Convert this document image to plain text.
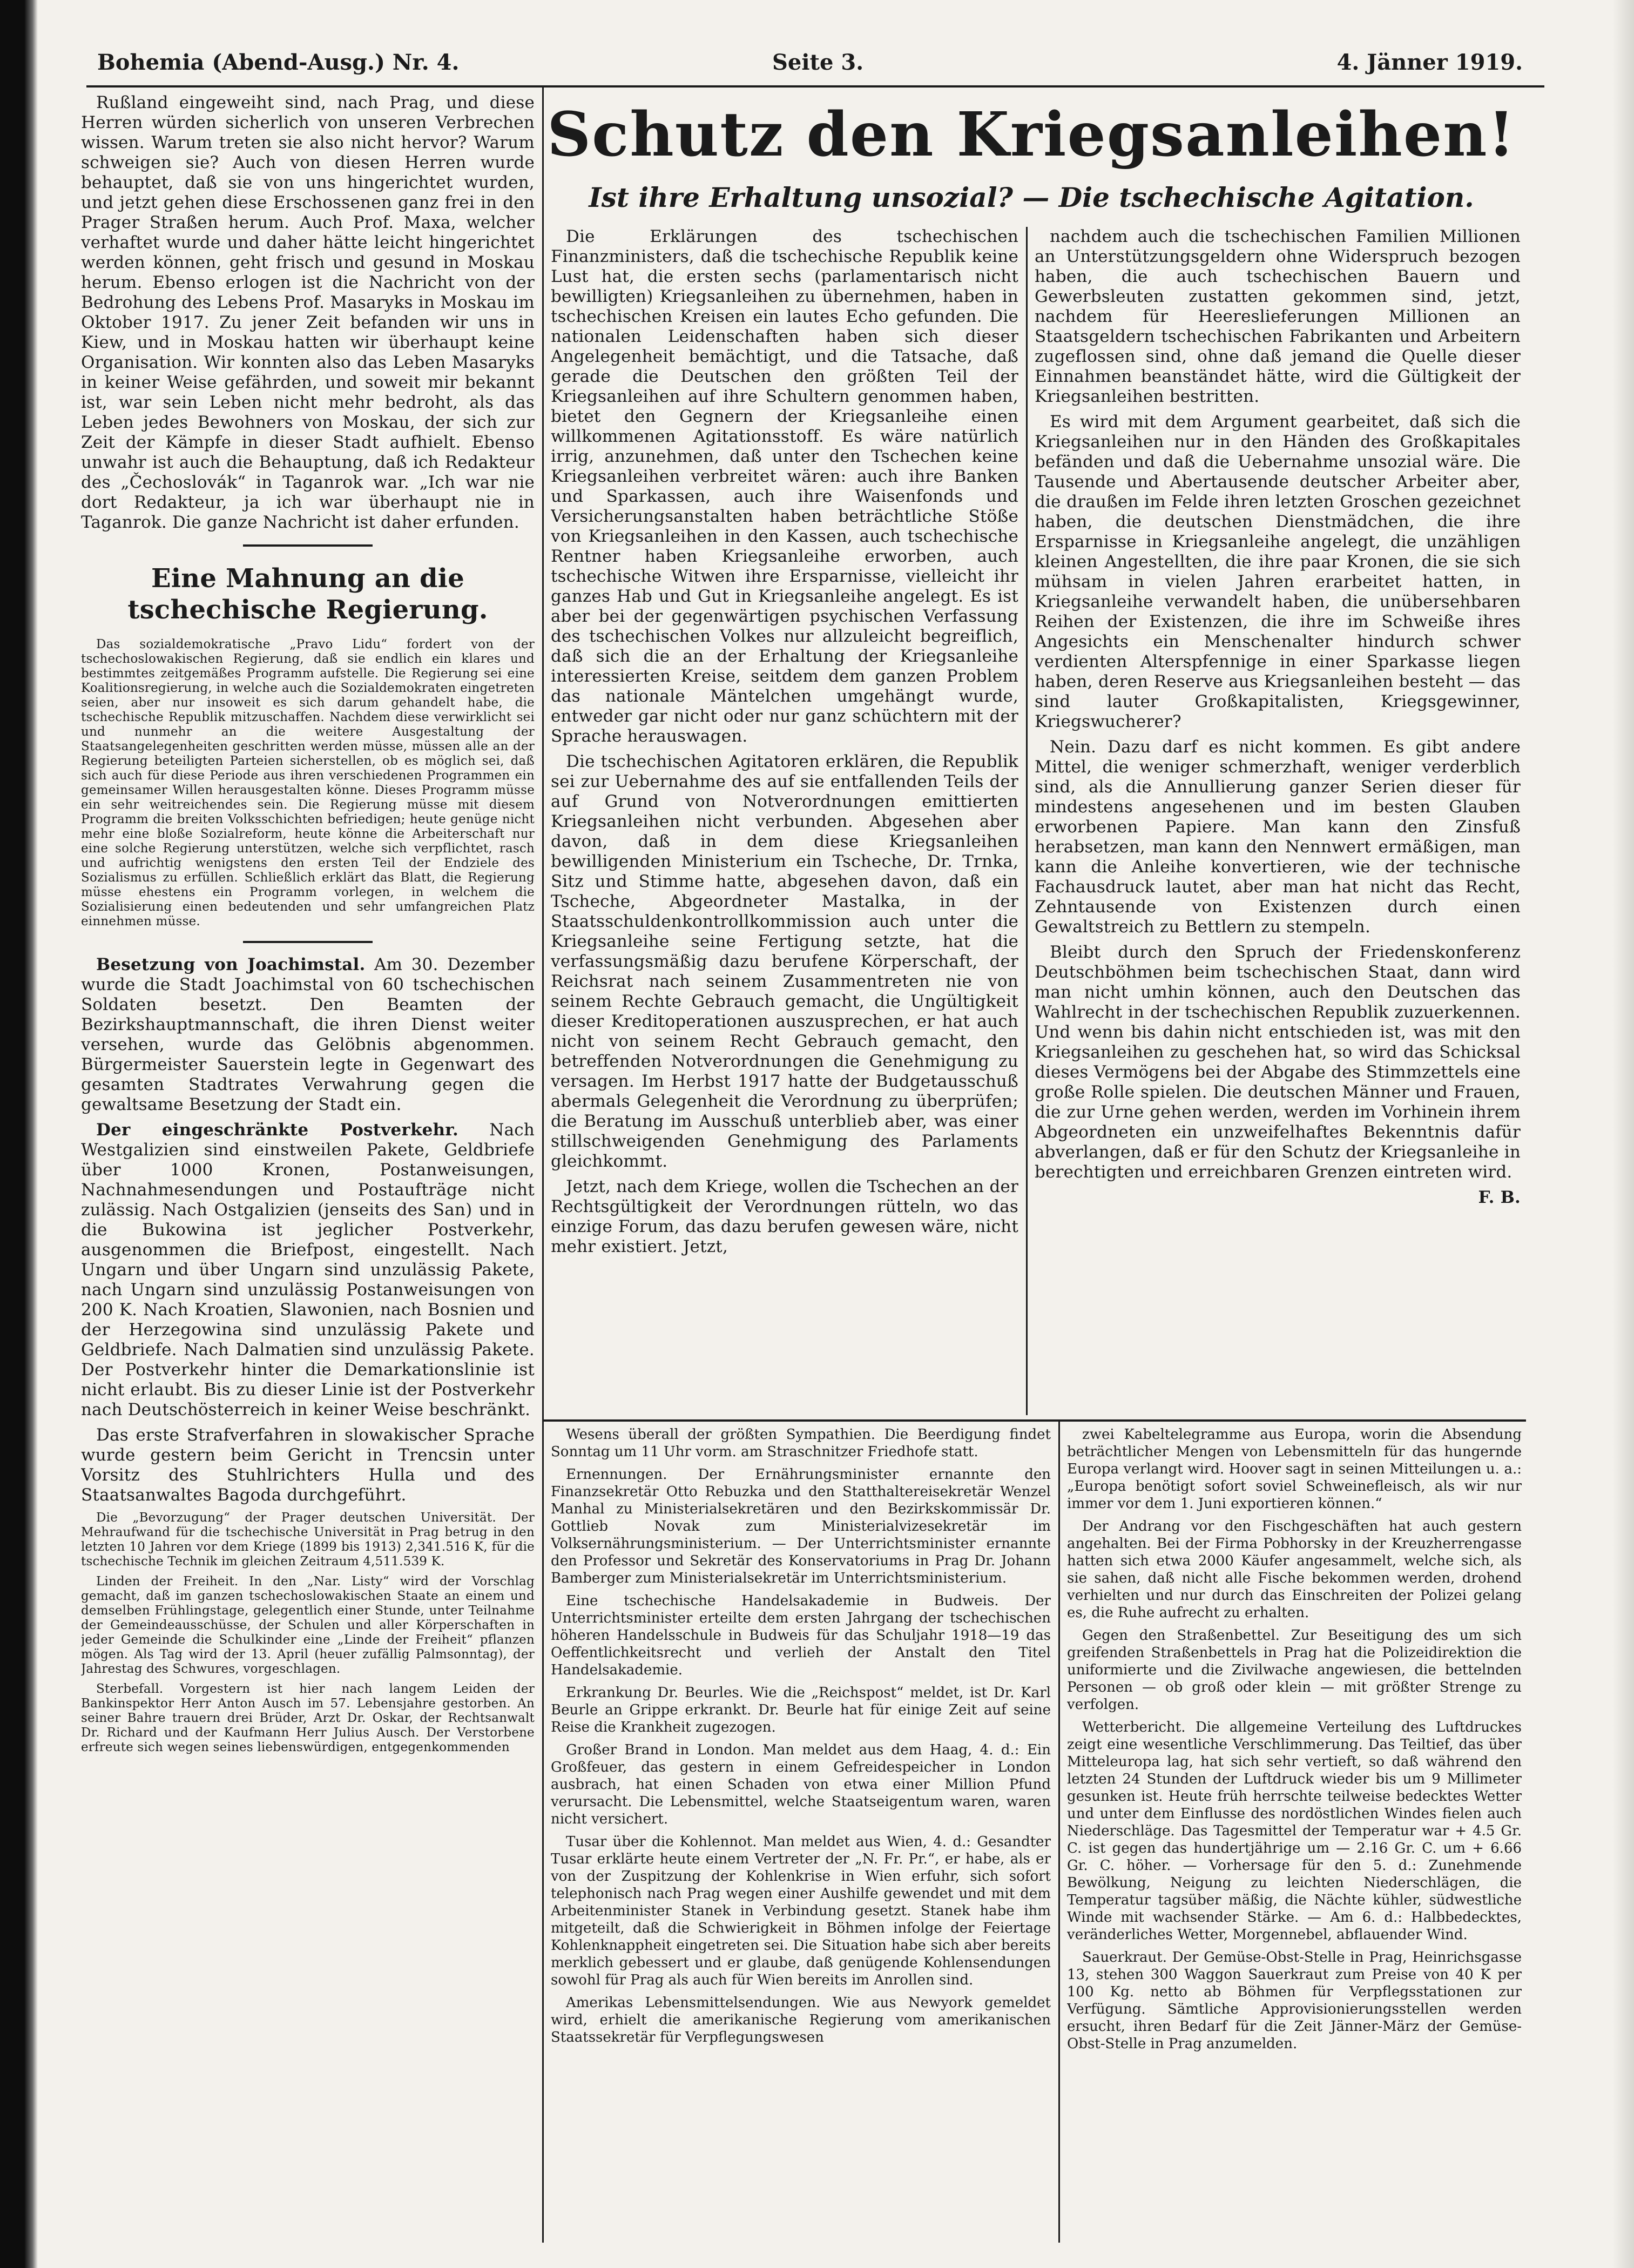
Bohemia (Abend-Ausg.) Nr. 4.	Seite 3.	4. Jänner 1919.

Rußland eingeweiht sind, nach Prag, und diese Herren würden sicherlich von unseren Verbrechen wissen. Warum treten sie also nicht hervor? Warum schweigen sie? Auch von diesen Herren wurde behauptet, daß sie von uns hingerichtet wurden, und jetzt gehen diese Erschossenen ganz frei in den Prager Straßen herum. Auch Prof. Maxa, welcher verhaftet wurde und daher hätte leicht hingerichtet werden können, geht frisch und gesund in Moskau herum. Ebenso erlogen ist die Nachricht von der Bedrohung des Lebens Prof. Masaryks in Moskau im Oktober 1917. Zu jener Zeit befanden wir uns in Kiew, und in Moskau hatten wir überhaupt keine Organisation. Wir konnten also das Leben Masaryks in keiner Weise gefährden, und soweit mir bekannt ist, war sein Leben nicht mehr bedroht, als das Leben jedes Bewohners von Moskau, der sich zur Zeit der Kämpfe in dieser Stadt aufhielt. Ebenso unwahr ist auch die Behauptung, daß ich Redakteur des „Čechoslovák“ in Taganrok war. „Ich war nie dort Redakteur, ja ich war überhaupt nie in Taganrok. Die ganze Nachricht ist daher erfunden.

Eine Mahnung an die tschechische Regierung.

Das sozialdemokratische „Pravo Lidu“ fordert von der tschechoslowakischen Regierung, daß sie endlich ein klares und bestimmtes zeitgemäßes Programm aufstelle. Die Regierung sei eine Koalitionsregierung, in welche auch die Sozialdemokraten eingetreten seien, aber nur insoweit es sich darum gehandelt habe, die tschechische Republik mitzuschaffen. Nachdem diese verwirklicht sei und nunmehr an die weitere Ausgestaltung der Staatsangelegenheiten geschritten werden müsse, müssen alle an der Regierung beteiligten Parteien sicherstellen, ob es möglich sei, daß sich auch für diese Periode aus ihren verschiedenen Programmen ein gemeinsamer Willen herausgestalten könne. Dieses Programm müsse ein sehr weitreichendes sein. Die Regierung müsse mit diesem Programm die breiten Volksschichten befriedigen; heute genüge nicht mehr eine bloße Sozialreform, heute könne die Arbeiterschaft nur eine solche Regierung unterstützen, welche sich verpflichtet, rasch und aufrichtig wenigstens den ersten Teil der Endziele des Sozialismus zu erfüllen. Schließlich erklärt das Blatt, die Regierung müsse ehestens ein Programm vorlegen, in welchem die Sozialisierung einen bedeutenden und sehr umfangreichen Platz einnehmen müsse.

Besetzung von Joachimstal. Am 30. Dezember wurde die Stadt Joachimstal von 60 tschechischen Soldaten besetzt. Den Beamten der Bezirkshauptmannschaft, die ihren Dienst weiter versehen, wurde das Gelöbnis abgenommen. Bürgermeister Sauerstein legte in Gegenwart des gesamten Stadtrates Verwahrung gegen die gewaltsame Besetzung der Stadt ein.

Der eingeschränkte Postverkehr. Nach Westgalizien sind einstweilen Pakete, Geldbriefe über 1000 Kronen, Postanweisungen, Nachnahmesendungen und Postaufträge nicht zulässig. Nach Ostgalizien (jenseits des San) und in die Bukowina ist jeglicher Postverkehr, ausgenommen die Briefpost, eingestellt. Nach Ungarn und über Ungarn sind unzulässig Pakete, nach Ungarn sind unzulässig Postanweisungen von 200 K. Nach Kroatien, Slawonien, nach Bosnien und der Herzegowina sind unzulässig Pakete und Geldbriefe. Nach Dalmatien sind unzulässig Pakete. Der Postverkehr hinter die Demarkationslinie ist nicht erlaubt. Bis zu dieser Linie ist der Postverkehr nach Deutschösterreich in keiner Weise beschränkt.

Das erste Strafverfahren in slowakischer Sprache wurde gestern beim Gericht in Trencsin unter Vorsitz des Stuhlrichters Hulla und des Staatsanwaltes Bagoda durchgeführt.

Die „Bevorzugung“ der Prager deutschen Universität. Der Mehraufwand für die tschechische Universität in Prag betrug in den letzten 10 Jahren vor dem Kriege (1899 bis 1913) 2,341.516 K, für die tschechische Technik im gleichen Zeitraum 4,511.539 K.

Linden der Freiheit. In den „Nar. Listy“ wird der Vorschlag gemacht, daß im ganzen tschechoslowakischen Staate an einem und demselben Frühlingstage, gelegentlich einer Stunde, unter Teilnahme der Gemeindeausschüsse, der Schulen und aller Körperschaften in jeder Gemeinde die Schulkinder eine „Linde der Freiheit“ pflanzen mögen. Als Tag wird der 13. April (heuer zufällig Palmsonntag), der Jahrestag des Schwures, vorgeschlagen.

Sterbefall. Vorgestern ist hier nach langem Leiden der Bankinspektor Herr Anton Ausch im 57. Lebensjahre gestorben. An seiner Bahre trauern drei Brüder, Arzt Dr. Oskar, der Rechtsanwalt Dr. Richard und der Kaufmann Herr Julius Ausch. Der Verstorbene erfreute sich wegen seines liebenswürdigen, entgegenkommenden

Schutz den Kriegsanleihen!
Ist ihre Erhaltung unsozial? — Die tschechische Agitation.

Die Erklärungen des tschechischen Finanzministers, daß die tschechische Republik keine Lust hat, die ersten sechs (parlamentarisch nicht bewilligten) Kriegsanleihen zu übernehmen, haben in tschechischen Kreisen ein lautes Echo gefunden. Die nationalen Leidenschaften haben sich dieser Angelegenheit bemächtigt, und die Tatsache, daß gerade die Deutschen den größten Teil der Kriegsanleihen auf ihre Schultern genommen haben, bietet den Gegnern der Kriegsanleihe einen willkommenen Agitationsstoff. Es wäre natürlich irrig, anzunehmen, daß unter den Tschechen keine Kriegsanleihen verbreitet wären: auch ihre Banken und Sparkassen, auch ihre Waisenfonds und Versicherungsanstalten haben beträchtliche Stöße von Kriegsanleihen in den Kassen, auch tschechische Rentner haben Kriegsanleihe erworben, auch tschechische Witwen ihre Ersparnisse, vielleicht ihr ganzes Hab und Gut in Kriegsanleihe angelegt. Es ist aber bei der gegenwärtigen psychischen Verfassung des tschechischen Volkes nur allzuleicht begreiflich, daß sich die an der Erhaltung der Kriegsanleihe interessierten Kreise, seitdem dem ganzen Problem das nationale Mäntelchen umgehängt wurde, entweder gar nicht oder nur ganz schüchtern mit der Sprache herauswagen.

Die tschechischen Agitatoren erklären, die Republik sei zur Uebernahme des auf sie entfallenden Teils der auf Grund von Notverordnungen emittierten Kriegsanleihen nicht verbunden. Abgesehen aber davon, daß in dem diese Kriegsanleihen bewilligenden Ministerium ein Tscheche, Dr. Trnka, Sitz und Stimme hatte, abgesehen davon, daß ein Tscheche, Abgeordneter Mastalka, in der Staatsschuldenkontrollkommission auch unter die Kriegsanleihe seine Fertigung setzte, hat die verfassungsmäßig dazu berufene Körperschaft, der Reichsrat nach seinem Zusammentreten nie von seinem Rechte Gebrauch gemacht, die Ungültigkeit dieser Kreditoperationen auszusprechen, er hat auch nicht von seinem Recht Gebrauch gemacht, den betreffenden Notverordnungen die Genehmigung zu versagen. Im Herbst 1917 hatte der Budgetausschuß abermals Gelegenheit die Verordnung zu überprüfen; die Beratung im Ausschuß unterblieb aber, was einer stillschweigenden Genehmigung des Parlaments gleichkommt.

Jetzt, nach dem Kriege, wollen die Tschechen an der Rechtsgültigkeit der Verordnungen rütteln, wo das einzige Forum, das dazu berufen gewesen wäre, nicht mehr existiert. Jetzt,

nachdem auch die tschechischen Familien Millionen an Unterstützungsgeldern ohne Widerspruch bezogen haben, die auch tschechischen Bauern und Gewerbsleuten zustatten gekommen sind, jetzt, nachdem für Heereslieferungen Millionen an Staatsgeldern tschechischen Fabrikanten und Arbeitern zugeflossen sind, ohne daß jemand die Quelle dieser Einnahmen beanständet hätte, wird die Gültigkeit der Kriegsanleihen bestritten.

Es wird mit dem Argument gearbeitet, daß sich die Kriegsanleihen nur in den Händen des Großkapitales befänden und daß die Uebernahme unsozial wäre. Die Tausende und Abertausende deutscher Arbeiter aber, die draußen im Felde ihren letzten Groschen gezeichnet haben, die deutschen Dienstmädchen, die ihre Ersparnisse in Kriegsanleihe angelegt, die unzähligen kleinen Angestellten, die ihre paar Kronen, die sie sich mühsam in vielen Jahren erarbeitet hatten, in Kriegsanleihe verwandelt haben, die unübersehbaren Reihen der Existenzen, die ihre im Schweiße ihres Angesichts ein Menschenalter hindurch schwer verdienten Alterspfennige in einer Sparkasse liegen haben, deren Reserve aus Kriegsanleihen besteht — das sind lauter Großkapitalisten, Kriegsgewinner, Kriegswucherer?

Nein. Dazu darf es nicht kommen. Es gibt andere Mittel, die weniger schmerzhaft, weniger verderblich sind, als die Annullierung ganzer Serien dieser für mindestens angesehenen und im besten Glauben erworbenen Papiere. Man kann den Zinsfuß herabsetzen, man kann den Nennwert ermäßigen, man kann die Anleihe konvertieren, wie der technische Fachausdruck lautet, aber man hat nicht das Recht, Zehntausende von Existenzen durch einen Gewaltstreich zu Bettlern zu stempeln.

Bleibt durch den Spruch der Friedenskonferenz Deutschböhmen beim tschechischen Staat, dann wird man nicht umhin können, auch den Deutschen das Wahlrecht in der tschechischen Republik zuzuerkennen. Und wenn bis dahin nicht entschieden ist, was mit den Kriegsanleihen zu geschehen hat, so wird das Schicksal dieses Vermögens bei der Abgabe des Stimmzettels eine große Rolle spielen. Die deutschen Männer und Frauen, die zur Urne gehen werden, werden im Vorhinein ihrem Abgeordneten ein unzweifelhaftes Bekenntnis dafür abverlangen, daß er für den Schutz der Kriegsanleihe in berechtigten und erreichbaren Grenzen eintreten wird.

F. B.

Wesens überall der größten Sympathien. Die Beerdigung findet Sonntag um 11 Uhr vorm. am Straschnitzer Friedhofe statt.

Ernennungen. Der Ernährungsminister ernannte den Finanzsekretär Otto Rebuzka und den Statthaltereisekretär Wenzel Manhal zu Ministerialsekretären und den Bezirkskommissär Dr. Gottlieb Novak zum Ministerialvizesekretär im Volksernährungsministerium. — Der Unterrichtsminister ernannte den Professor und Sekretär des Konservatoriums in Prag Dr. Johann Bamberger zum Ministerialsekretär im Unterrichtsministerium.

Eine tschechische Handelsakademie in Budweis. Der Unterrichtsminister erteilte dem ersten Jahrgang der tschechischen höheren Handelsschule in Budweis für das Schuljahr 1918—19 das Oeffentlichkeitsrecht und verlieh der Anstalt den Titel Handelsakademie.

Erkrankung Dr. Beurles. Wie die „Reichspost“ meldet, ist Dr. Karl Beurle an Grippe erkrankt. Dr. Beurle hat für einige Zeit auf seine Reise die Krankheit zugezogen.

Großer Brand in London. Man meldet aus dem Haag, 4. d.: Ein Großfeuer, das gestern in einem Gefreidespeicher in London ausbrach, hat einen Schaden von etwa einer Million Pfund verursacht. Die Lebensmittel, welche Staatseigentum waren, waren nicht versichert.

Tusar über die Kohlennot. Man meldet aus Wien, 4. d.: Gesandter Tusar erklärte heute einem Vertreter der „N. Fr. Pr.“, er habe, als er von der Zuspitzung der Kohlenkrise in Wien erfuhr, sich sofort telephonisch nach Prag wegen einer Aushilfe gewendet und mit dem Arbeitenminister Stanek in Verbindung gesetzt. Stanek habe ihm mitgeteilt, daß die Schwierigkeit in Böhmen infolge der Feiertage Kohlenknappheit eingetreten sei. Die Situation habe sich aber bereits merklich gebessert und er glaube, daß genügende Kohlensendungen sowohl für Prag als auch für Wien bereits im Anrollen sind.

Amerikas Lebensmittelsendungen. Wie aus Newyork gemeldet wird, erhielt die amerikanische Regierung vom amerikanischen Staatssekretär für Verpflegungswesen

zwei Kabeltelegramme aus Europa, worin die Absendung beträchtlicher Mengen von Lebensmitteln für das hungernde Europa verlangt wird. Hoover sagt in seinen Mitteilungen u. a.: „Europa benötigt sofort soviel Schweinefleisch, als wir nur immer vor dem 1. Juni exportieren können.“

Der Andrang vor den Fischgeschäften hat auch gestern angehalten. Bei der Firma Pobhorsky in der Kreuzherrengasse hatten sich etwa 2000 Käufer angesammelt, welche sich, als sie sahen, daß nicht alle Fische bekommen werden, drohend verhielten und nur durch das Einschreiten der Polizei gelang es, die Ruhe aufrecht zu erhalten.

Gegen den Straßenbettel. Zur Beseitigung des um sich greifenden Straßenbettels in Prag hat die Polizeidirektion die uniformierte und die Zivilwache angewiesen, die bettelnden Personen — ob groß oder klein — mit größter Strenge zu verfolgen.

Wetterbericht. Die allgemeine Verteilung des Luftdruckes zeigt eine wesentliche Verschlimmerung. Das Teiltief, das über Mitteleuropa lag, hat sich sehr vertieft, so daß während den letzten 24 Stunden der Luftdruck wieder bis um 9 Millimeter gesunken ist. Heute früh herrschte teilweise bedecktes Wetter und unter dem Einflusse des nordöstlichen Windes fielen auch Niederschläge. Das Tagesmittel der Temperatur war + 4.5 Gr. C. ist gegen das hundertjährige um — 2.16 Gr. C. um + 6.66 Gr. C. höher. — Vorhersage für den 5. d.: Zunehmende Bewölkung, Neigung zu leichten Niederschlägen, die Temperatur tagsüber mäßig, die Nächte kühler, südwestliche Winde mit wachsender Stärke. — Am 6. d.: Halbbedecktes, veränderliches Wetter, Morgennebel, abflauender Wind.

Sauerkraut. Der Gemüse-Obst-Stelle in Prag, Heinrichsgasse 13, stehen 300 Waggon Sauerkraut zum Preise von 40 K per 100 Kg. netto ab Böhmen für Verpflegsstationen zur Verfügung. Sämtliche Approvisionierungsstellen werden ersucht, ihren Bedarf für die Zeit Jänner-März der Gemüse-Obst-Stelle in Prag anzumelden.
